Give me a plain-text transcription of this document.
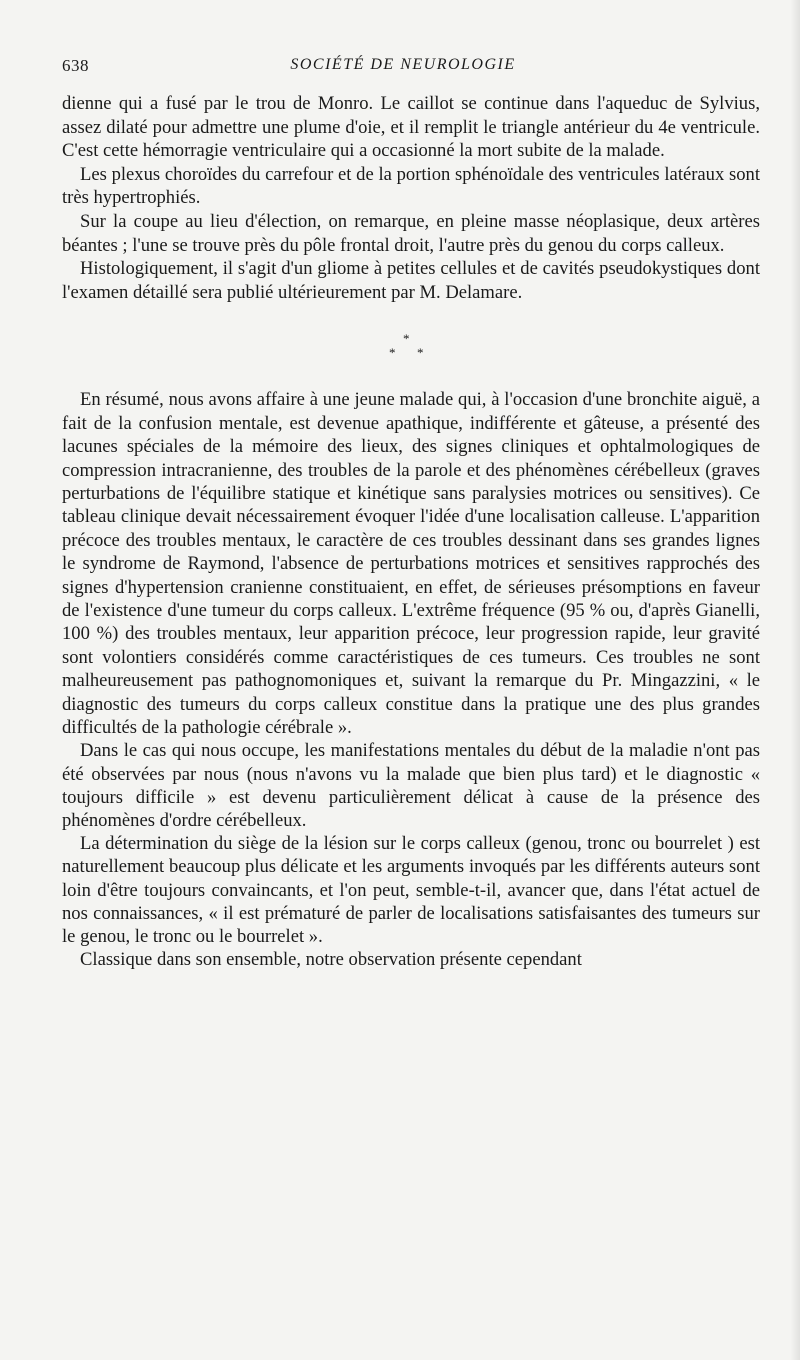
638	SOCIÉTÉ DE NEUROLOGIE

dienne qui a fusé par le trou de Monro. Le caillot se continue dans l'aqueduc de Sylvius, assez dilaté pour admettre une plume d'oie, et il remplit le triangle antérieur du 4e ventricule. C'est cette hémorragie ventriculaire qui a occasionné la mort subite de la malade.

Les plexus choroïdes du carrefour et de la portion sphénoïdale des ventricules latéraux sont très hypertrophiés.

Sur la coupe au lieu d'élection, on remarque, en pleine masse néoplasique, deux artères béantes ; l'une se trouve près du pôle frontal droit, l'autre près du genou du corps calleux.

Histologiquement, il s'agit d'un gliome à petites cellules et de cavités pseudokystiques dont l'examen détaillé sera publié ultérieurement par M. Delamare.

*
* *

En résumé, nous avons affaire à une jeune malade qui, à l'occasion d'une bronchite aiguë, a fait de la confusion mentale, est devenue apathique, indifférente et gâteuse, a présenté des lacunes spéciales de la mémoire des lieux, des signes cliniques et ophtalmologiques de compression intracranienne, des troubles de la parole et des phénomènes cérébelleux (graves perturbations de l'équilibre statique et kinétique sans paralysies motrices ou sensitives). Ce tableau clinique devait nécessairement évoquer l'idée d'une localisation calleuse. L'apparition précoce des troubles mentaux, le caractère de ces troubles dessinant dans ses grandes lignes le syndrome de Raymond, l'absence de perturbations motrices et sensitives rapprochés des signes d'hypertension cranienne constituaient, en effet, de sérieuses présomptions en faveur de l'existence d'une tumeur du corps calleux. L'extrême fréquence (95 % ou, d'après Gianelli, 100 %) des troubles mentaux, leur apparition précoce, leur progression rapide, leur gravité sont volontiers considérés comme caractéristiques de ces tumeurs. Ces troubles ne sont malheureusement pas pathognomoniques et, suivant la remarque du Pr. Mingazzini, « le diagnostic des tumeurs du corps calleux constitue dans la pratique une des plus grandes difficultés de la pathologie cérébrale ».

Dans le cas qui nous occupe, les manifestations mentales du début de la maladie n'ont pas été observées par nous (nous n'avons vu la malade que bien plus tard) et le diagnostic « toujours difficile » est devenu particulièrement délicat à cause de la présence des phénomènes d'ordre cérébelleux.

La détermination du siège de la lésion sur le corps calleux (genou, tronc ou bourrelet ) est naturellement beaucoup plus délicate et les arguments invoqués par les différents auteurs sont loin d'être toujours convaincants, et l'on peut, semble-t-il, avancer que, dans l'état actuel de nos connaissances, « il est prématuré de parler de localisations satisfaisantes des tumeurs sur le genou, le tronc ou le bourrelet ».

Classique dans son ensemble, notre observation présente cependant
